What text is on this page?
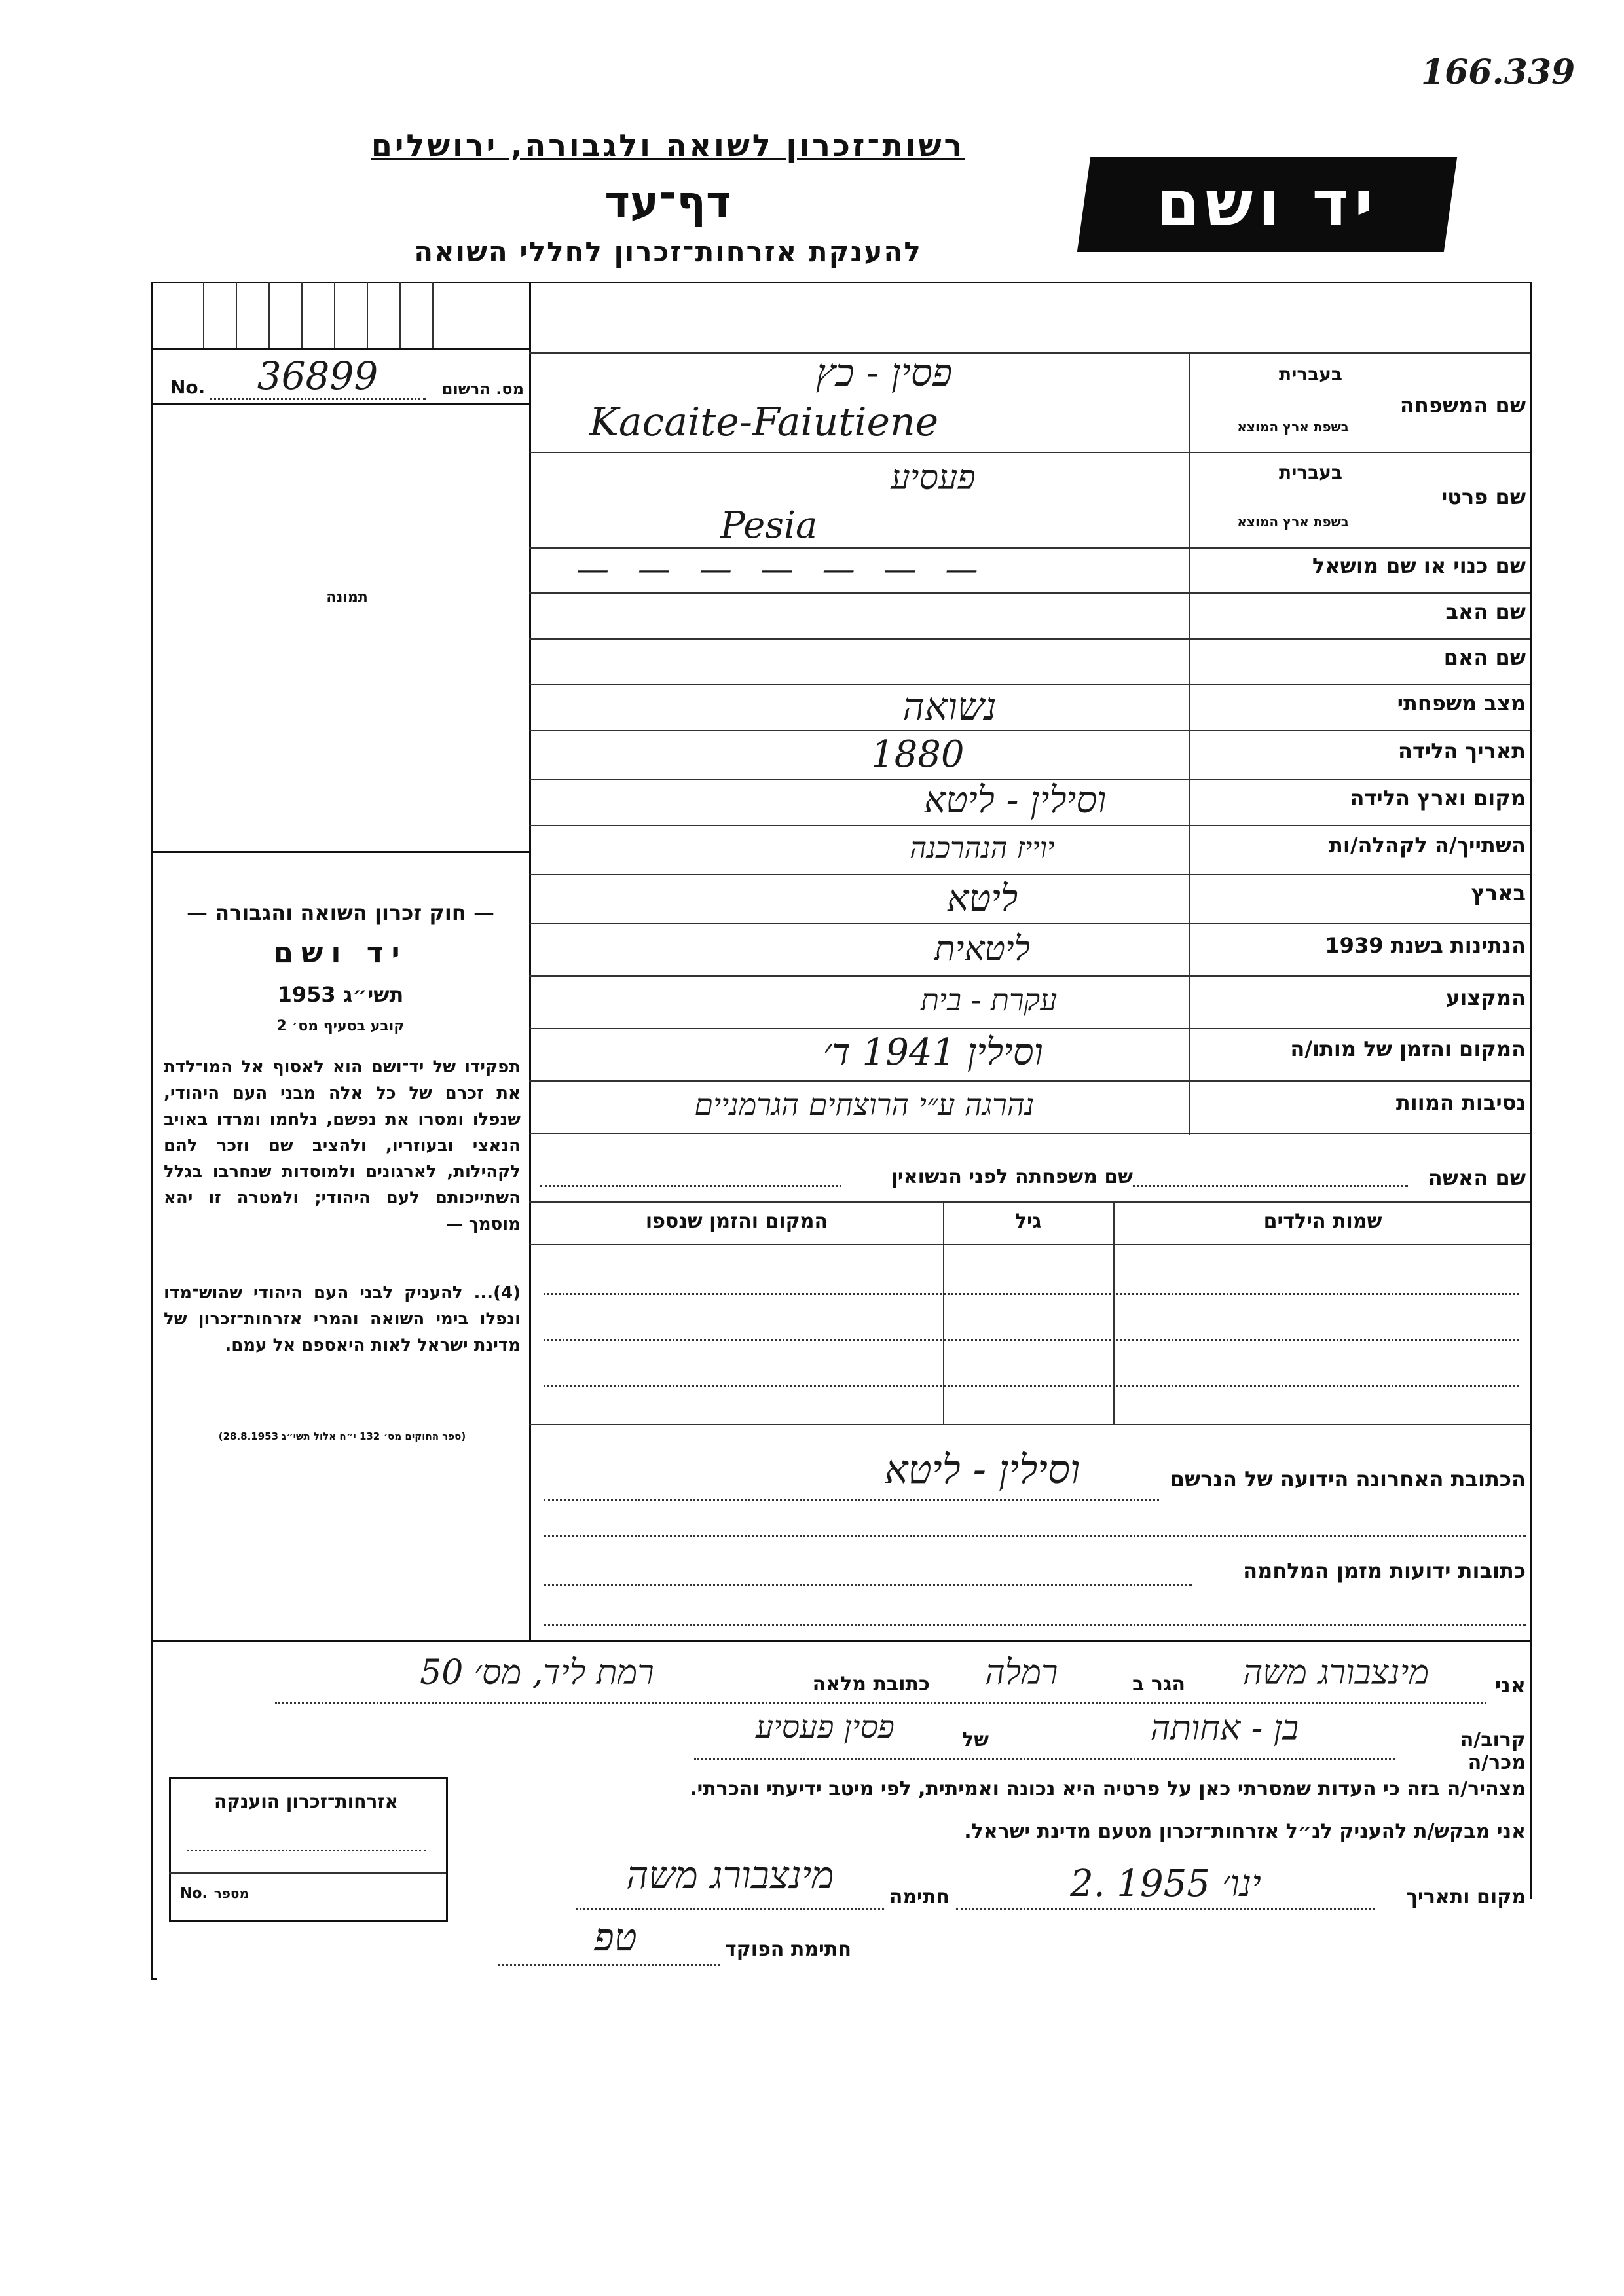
166.339
רשות־זכרון לשואה ולגבורה, ירושלים
דף־עד
להענקת אזרחות־זכרון לחללי השואה
יד ושם
No.	36899	מס. הרשום
תמונה
— חוק זכרון השואה והגבורה —
יד ושם
תשי״ג 1953
קובע בסעיף מס׳ 2
תפקידו של יד־ושם הוא לאסוף אל המו־לדת את זכרם של כל אלה מבני העם היהודי, שנפלו ומסרו את נפשם, נלחמו ומרדו באויב הנאצי ובעוזריו, ולהציב שם וזכר להם לקהילות, לארגונים ולמוסדות שנחרבו בגלל השתייכותם לעם היהודי; ולמטרה זו יהא מוסמך —
(4)... להעניק לבני העם היהודי שהוש־מדו ונפלו בימי השואה והמרי אזרחות־זכרון של מדינת ישראל לאות היאספם אל עמם.
(ספר החוקים מס׳ 132 י״ח אלול תשי״ג 28.8.1953)
שם המשפחה
בעברית
בשפת ארץ המוצא
פסין - כץ
Kacaite-Faiutiene
שם פרטי
בעברית
בשפת ארץ המוצא
פעסיע
Pesia
שם כנוי או שם מושאל
— — — — — — —
שם האב
שם האם
מצב משפחתי
נשואה
תאריך הלידה
1880
מקום וארץ הלידה
וסילין - ליטא
השתייך/ה לקהלה/ות
יוייז הנהרכנה
בארץ
ליטא
הנתינות בשנת 1939
ליטאית
המקצוע
עקרת - בית
המקום והזמן של מותו/ה
וסילין 1941 ד׳
נסיבות המוות
נהרגה ע״י הרוצחים הגרמניים
שם האשה
שם משפחתה לפני הנשואין
שמות הילדים
גיל
המקום והזמן שנספו
הכתובת האחרונה הידועה של הנרשם
וסילין - ליטא
כתובות ידועות מזמן המלחמה
אני
מינצבורג משה
הגר ב
רמלה
כתובת מלאה
רמת ליד, מס׳ 50
קרוב/ה מכר/ה
בן - אחותה
של
פסין פעסיע
מצהיר/ה בזה כי העדות שמסרתי כאן על פרטיה היא נכונה ואמיתית, לפי מיטב ידיעתי והכרתי.
אני מבקש/ת להעניק לנ״ל אזרחות־זכרון מטעם מדינת ישראל.
מקום ותאריך
2. ינו׳ 1955
חתימה
מינצבורג משה
חתימת הפוקד
טפ
אזרחות־זכרון הוענקה
No. מספר
